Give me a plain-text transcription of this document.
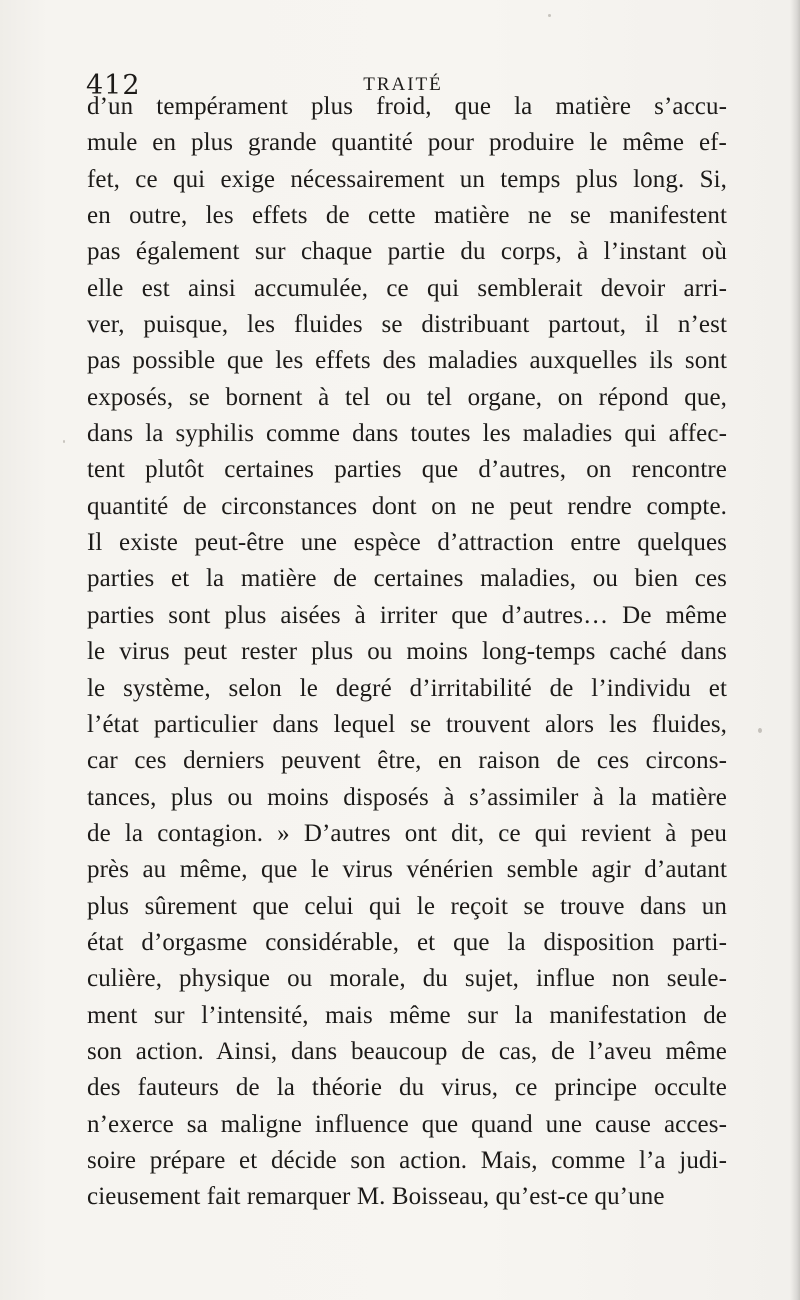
412	TRAITÉ
d’un tempérament plus froid, que la matière s’accu-
mule en plus grande quantité pour produire le même ef-
fet, ce qui exige nécessairement un temps plus long. Si,
en outre, les effets de cette matière ne se manifestent
pas également sur chaque partie du corps, à l’instant où
elle est ainsi accumulée, ce qui semblerait devoir arri-
ver, puisque, les fluides se distribuant partout, il n’est
pas possible que les effets des maladies auxquelles ils sont
exposés, se bornent à tel ou tel organe, on répond que,
dans la syphilis comme dans toutes les maladies qui affec-
tent plutôt certaines parties que d’autres, on rencontre
quantité de circonstances dont on ne peut rendre compte.
Il existe peut-être une espèce d’attraction entre quelques
parties et la matière de certaines maladies, ou bien ces
parties sont plus aisées à irriter que d’autres… De même
le virus peut rester plus ou moins long-temps caché dans
le système, selon le degré d’irritabilité de l’individu et
l’état particulier dans lequel se trouvent alors les fluides,
car ces derniers peuvent être, en raison de ces circons-
tances, plus ou moins disposés à s’assimiler à la matière
de la contagion. » D’autres ont dit, ce qui revient à peu
près au même, que le virus vénérien semble agir d’autant
plus sûrement que celui qui le reçoit se trouve dans un
état d’orgasme considérable, et que la disposition parti-
culière, physique ou morale, du sujet, influe non seule-
ment sur l’intensité, mais même sur la manifestation de
son action. Ainsi, dans beaucoup de cas, de l’aveu même
des fauteurs de la théorie du virus, ce principe occulte
n’exerce sa maligne influence que quand une cause acces-
soire prépare et décide son action. Mais, comme l’a judi-
cieusement fait remarquer M. Boisseau, qu’est-ce qu’une
